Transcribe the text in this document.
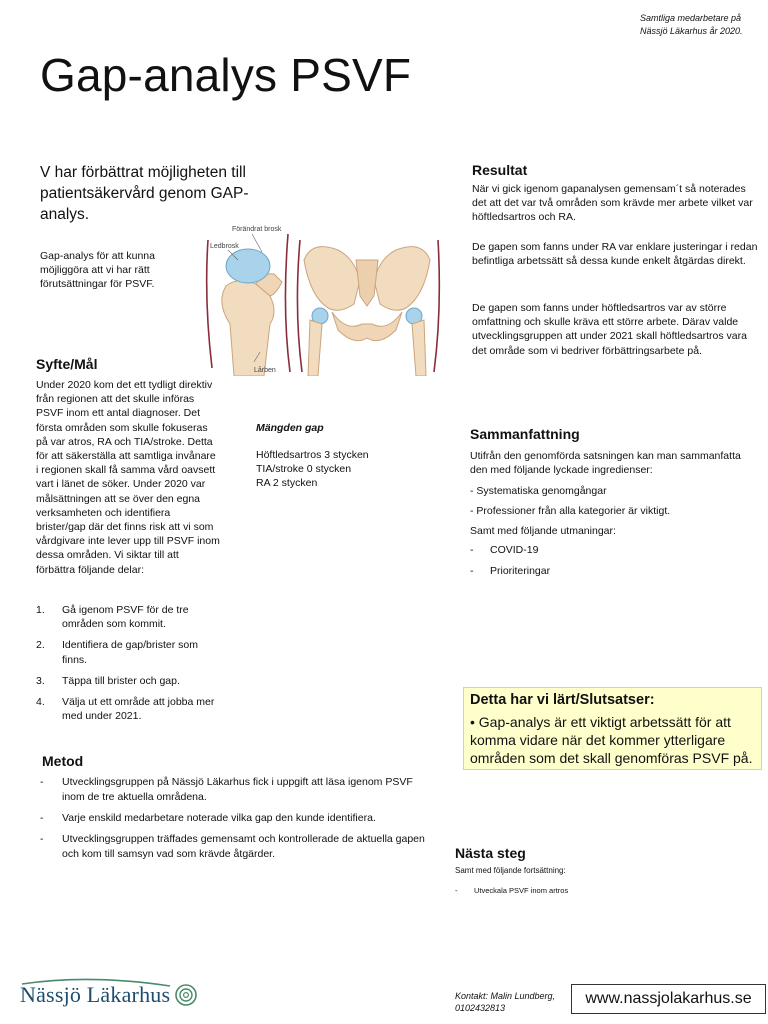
Samtliga medarbetare på Nässjö Läkarhus år 2020.
Gap-analys PSVF
V har förbättrat möjligheten till patientsäkervård genom GAP-analys.
Gap-analys för att kunna möjliggöra att vi har rätt förutsättningar för PSVF.
Förändrat brosk
Ledbrosk
Lårben
Syfte/Mål
Under 2020 kom det ett tydligt direktiv från regionen att det skulle införas PSVF inom ett antal diagnoser. Det första områden som skulle fokuseras på var atros, RA och TIA/stroke. Detta för att säkerställa att samtliga invånare i regionen skall få samma vård oavsett vart i länet de söker. Under 2020 var målsättningen att se över den egna verksamheten och identifiera brister/gap där det finns risk att vi som vårdgivare inte lever upp till PSVF inom dessa områden. Vi siktar till att förbättra följande delar:
1. Gå igenom PSVF för de tre områden som kommit.
2. Identifiera de gap/brister som finns.
3. Täppa till brister och gap.
4. Välja ut ett område att jobba mer med under 2021.
Mängden gap
Höftledsartros 3 stycken
TIA/stroke 0 stycken
RA 2 stycken
Metod
- Utvecklingsgruppen på Nässjö Läkarhus fick i uppgift att läsa igenom PSVF inom de tre aktuella områdena.
- Varje enskild medarbetare noterade vilka gap den kunde identifiera.
- Utvecklingsgruppen träffades gemensamt och kontrollerade de aktuella gapen och kom till samsyn vad som krävde åtgärder.
Resultat
När vi gick igenom gapanalysen gemensam´t så noterades det att det var två områden som krävde mer arbete vilket var höftledsartros och RA.
De gapen som fanns under RA var enklare justeringar i redan befintliga arbetssätt så dessa kunde enkelt åtgärdas direkt.
De gapen som fanns under höftledsartros var av större omfattning och skulle kräva ett större arbete. Därav valde utvecklingsgruppen att under 2021 skall höftledsartros vara det område som vi bedriver förbättringsarbete på.
Sammanfattning
Utifrån den genomförda satsningen kan man sammanfatta den med följande lyckade ingredienser:
- Systematiska genomgångar
- Professioner från alla kategorier är viktigt.
Samt med följande utmaningar:
- COVID-19
- Prioriteringar
Detta har vi lärt/Slutsatser:
• Gap-analys är ett viktigt arbetssätt för att komma vidare när det kommer ytterligare områden som det skall genomföras PSVF på.
Nästa steg
Samt med följande fortsättning:
- Utveckala PSVF inom artros
Nässjö Läkarhus	Kontakt: Malin Lundberg, 0102432813
www.nassjolakarhus.se
